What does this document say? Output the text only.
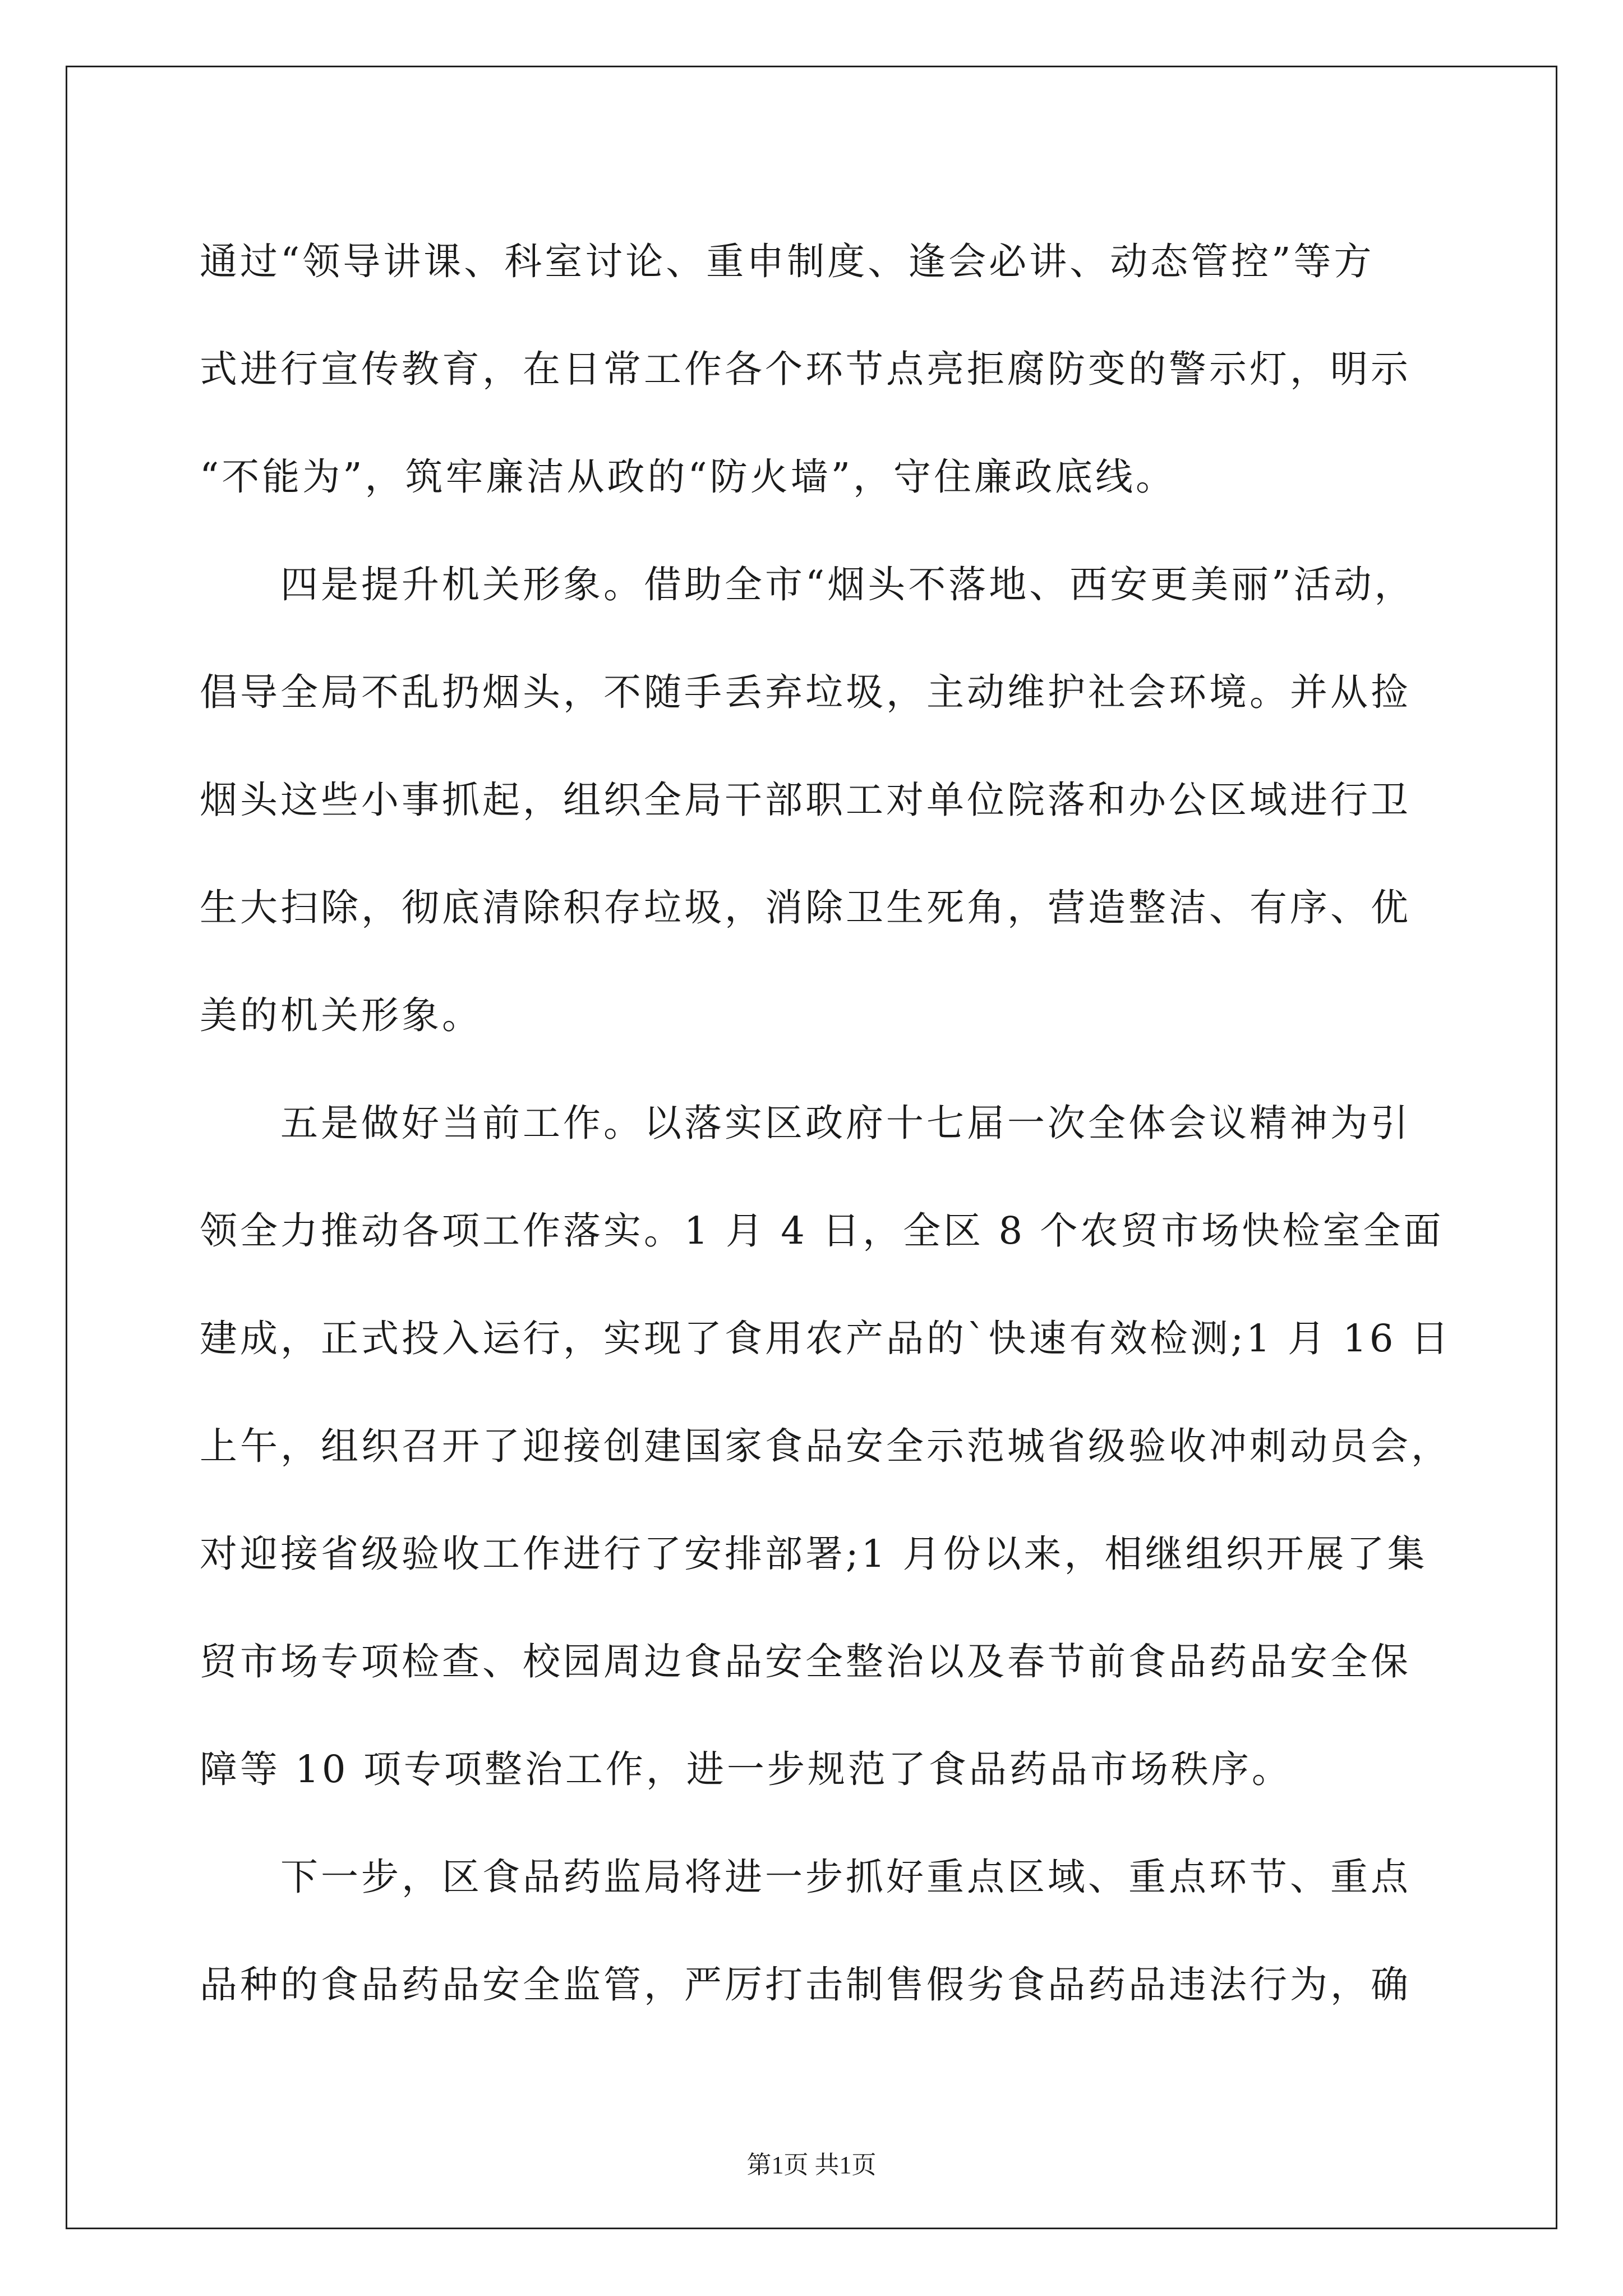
通过“领导讲课、科室讨论、重申制度、逢会必讲、动态管控”等方
式进行宣传教育，在日常工作各个环节点亮拒腐防变的警示灯，明示
“不能为”，筑牢廉洁从政的“防火墙”，守住廉政底线。
四是提升机关形象。借助全市“烟头不落地、西安更美丽”活动，
倡导全局不乱扔烟头，不随手丢弃垃圾，主动维护社会环境。并从捡
烟头这些小事抓起，组织全局干部职工对单位院落和办公区域进行卫
生大扫除，彻底清除积存垃圾，消除卫生死角，营造整洁、有序、优
美的机关形象。
五是做好当前工作。以落实区政府十七届一次全体会议精神为引
领全力推动各项工作落实。1 月 4 日，全区 8 个农贸市场快检室全面
建成，正式投入运行，实现了食用农产品的`快速有效检测;1 月 16 日
上午，组织召开了迎接创建国家食品安全示范城省级验收冲刺动员会，
对迎接省级验收工作进行了安排部署;1 月份以来，相继组织开展了集
贸市场专项检查、校园周边食品安全整治以及春节前食品药品安全保
障等 10 项专项整治工作，进一步规范了食品药品市场秩序。
下一步，区食品药监局将进一步抓好重点区域、重点环节、重点
品种的食品药品安全监管，严厉打击制售假劣食品药品违法行为，确
第1页 共1页
